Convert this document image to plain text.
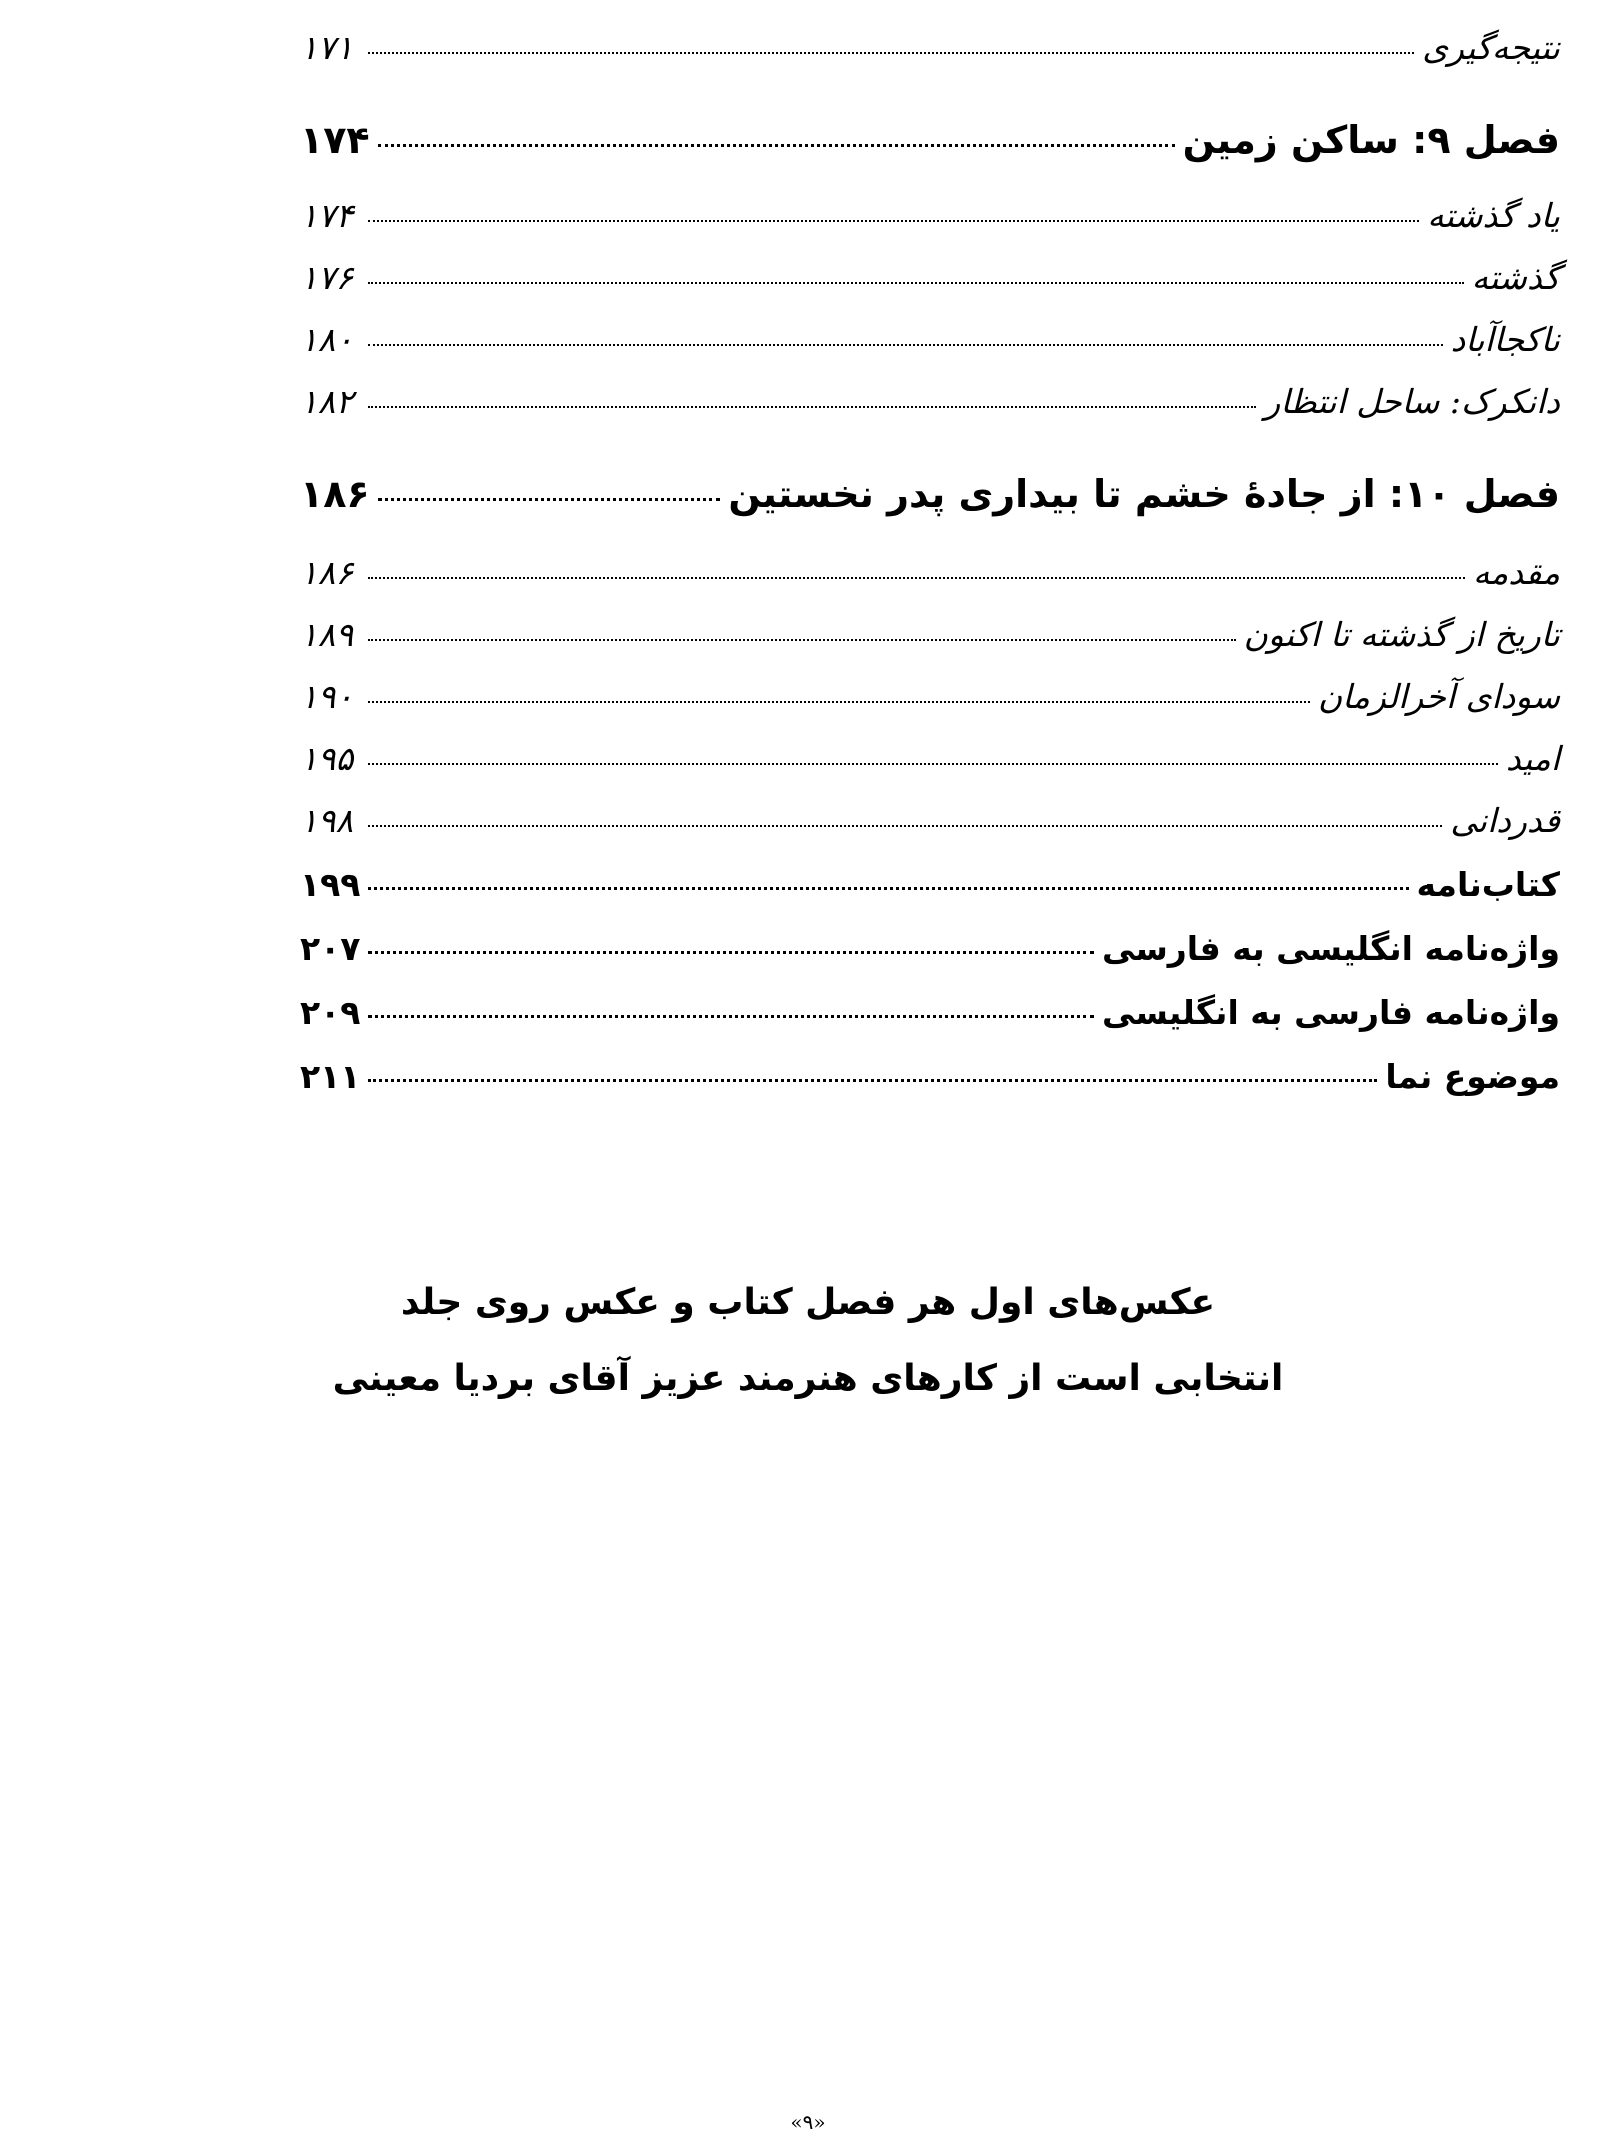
نتیجه‌گیری
۱۷۱
فصل ۹: ساکن زمین
۱۷۴
یاد گذشته
۱۷۴
گذشته
۱۷۶
ناکجاآباد
۱۸۰
دانکرک: ساحل انتظار
۱۸۲
فصل ۱۰: از جادهٔ خشم تا بیداری پدر نخستین
۱۸۶
مقدمه
۱۸۶
تاریخ از گذشته تا اکنون
۱۸۹
سودای آخرالزمان
۱۹۰
امید
۱۹۵
قدردانی
۱۹۸
کتاب‌نامه
۱۹۹
واژه‌نامه انگلیسی به فارسی
۲۰۷
واژه‌نامه فارسی به انگلیسی
۲۰۹
موضوع نما
۲۱۱
عکس‌های اول هر فصل کتاب و عکس روی جلد
انتخابی است از کارهای هنرمند عزیز آقای بردیا معینی
«۹»
